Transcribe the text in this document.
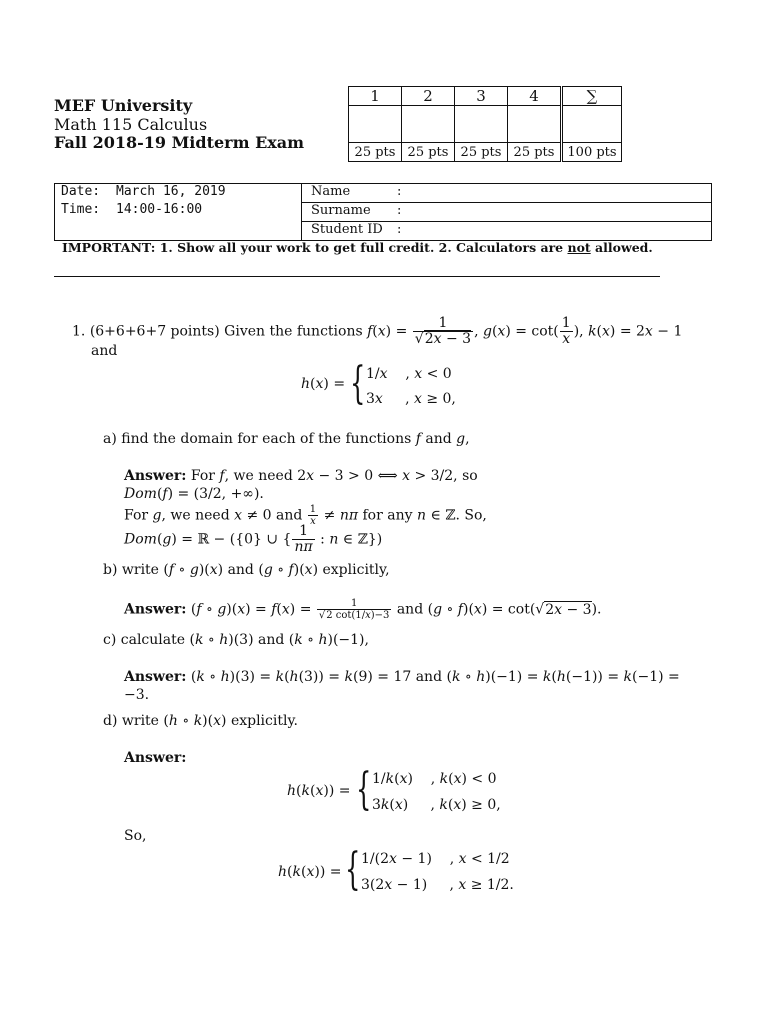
MEF University
Math 115 Calculus
Fall 2018-19 Midterm Exam
1	2	3	4	∑

25 pts	25 pts	25 pts	25 pts	100 pts
Date: March 16, 2019
Time: 14:00-16:00
Name	:
Surname :
Student ID :
IMPORTANT: 1. Show all your work to get full credit. 2. Calculators are not allowed.
1. (6+6+6+7 points) Given the functions $f(x) = \frac{1}{√2x - 3}$ , $g(x) = \cot( \frac{1}{x}$ ), k(x) = 2x − 1
and
h(x) = { 1/x    , x < 0
3x     , x ≥ 0,
a) find the domain for each of the functions f and g,
Answer: For f, we need 2x − 3 > 0 ⟺ x > 3/2, so
Dom(f) = (3/2, +∞).
For g, we need x ≠ 0 and $\frac{1}{x} \ne n\pi$ for any n ∈ ℤ. So,
Dom(g) = ℝ − ({0} ∪ { $\frac{1}{n\pi}$ : n ∈ ℤ})
b) write (f ∘ g)(x) and (g ∘ f)(x) explicitly,
Answer: (f ∘ $g)(x) = f(x) = \frac{1}{√2 \cot(1/x)-3}$ and (g ∘ f)(x) = cot(√2x − 3).
c) calculate (k ∘ h)(3) and (k ∘ h)(−1),
Answer: (k ∘ h)(3) = k(h(3)) = k(9) = 17 and (k ∘ h)(−1) = k(h(−1)) = k(−1) =
−3.
d) write (h ∘ k)(x) explicitly.
Answer:
h(k(x)) = { 1/k(x)    , k(x) < 0
3k(x)     , k(x) ≥ 0,
So,
h(k(x)) = { 1/(2x − 1)    , x < 1/2
3(2x − 1)     , x ≥ 1/2.
